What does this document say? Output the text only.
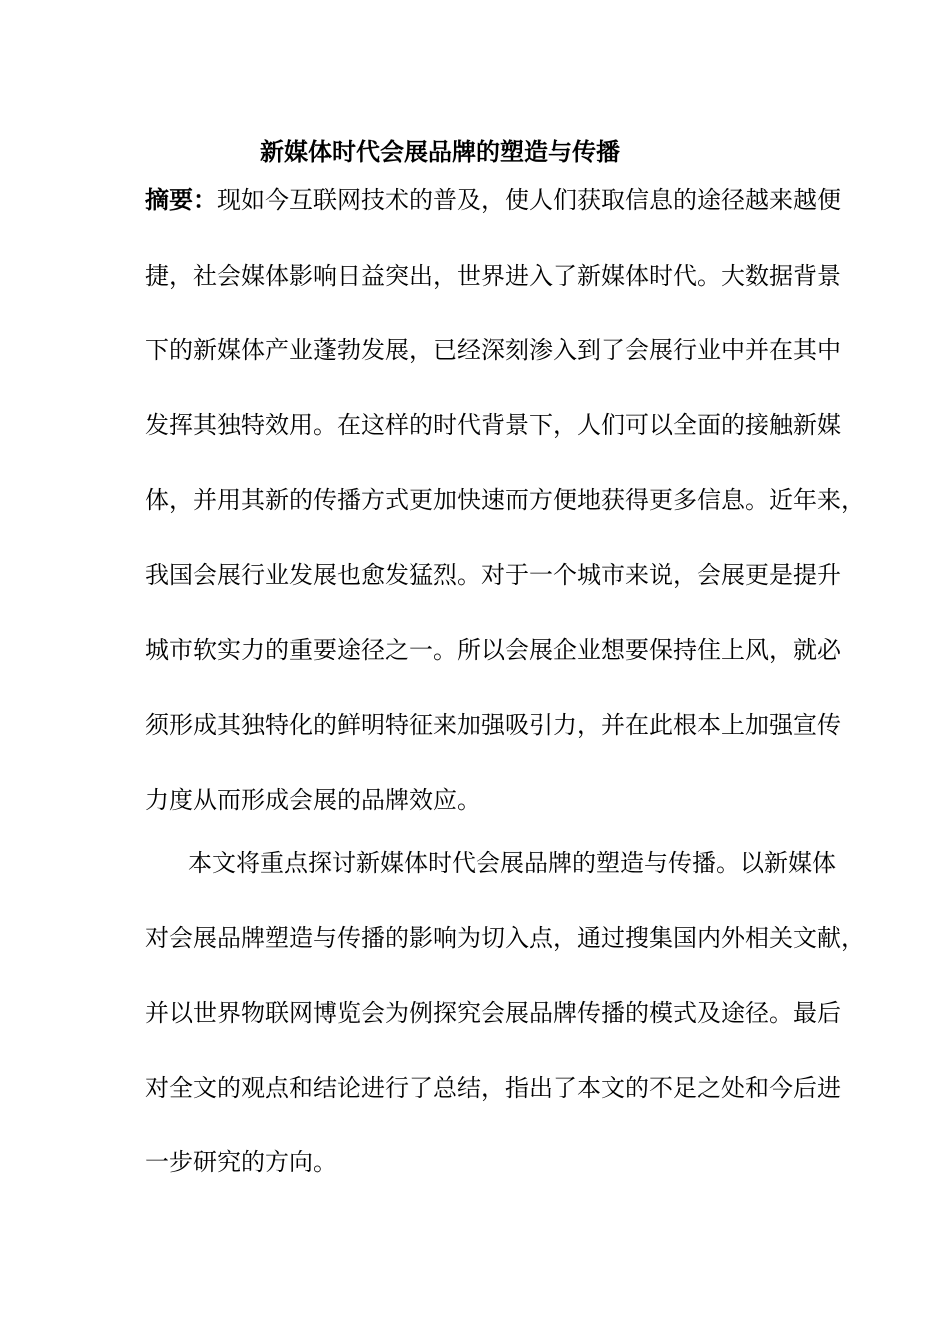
新媒体时代会展品牌的塑造与传播
摘要：现如今互联网技术的普及，使人们获取信息的途径越来越便
捷，社会媒体影响日益突出，世界进入了新媒体时代。大数据背景
下的新媒体产业蓬勃发展，已经深刻渗入到了会展行业中并在其中
发挥其独特效用。在这样的时代背景下，人们可以全面的接触新媒
体，并用其新的传播方式更加快速而方便地获得更多信息。近年来，
我国会展行业发展也愈发猛烈。对于一个城市来说，会展更是提升
城市软实力的重要途径之一。所以会展企业想要保持住上风，就必
须形成其独特化的鲜明特征来加强吸引力，并在此根本上加强宣传
力度从而形成会展的品牌效应。
本文将重点探讨新媒体时代会展品牌的塑造与传播。以新媒体
对会展品牌塑造与传播的影响为切入点，通过搜集国内外相关文献，
并以世界物联网博览会为例探究会展品牌传播的模式及途径。最后
对全文的观点和结论进行了总结，指出了本文的不足之处和今后进
一步研究的方向。
